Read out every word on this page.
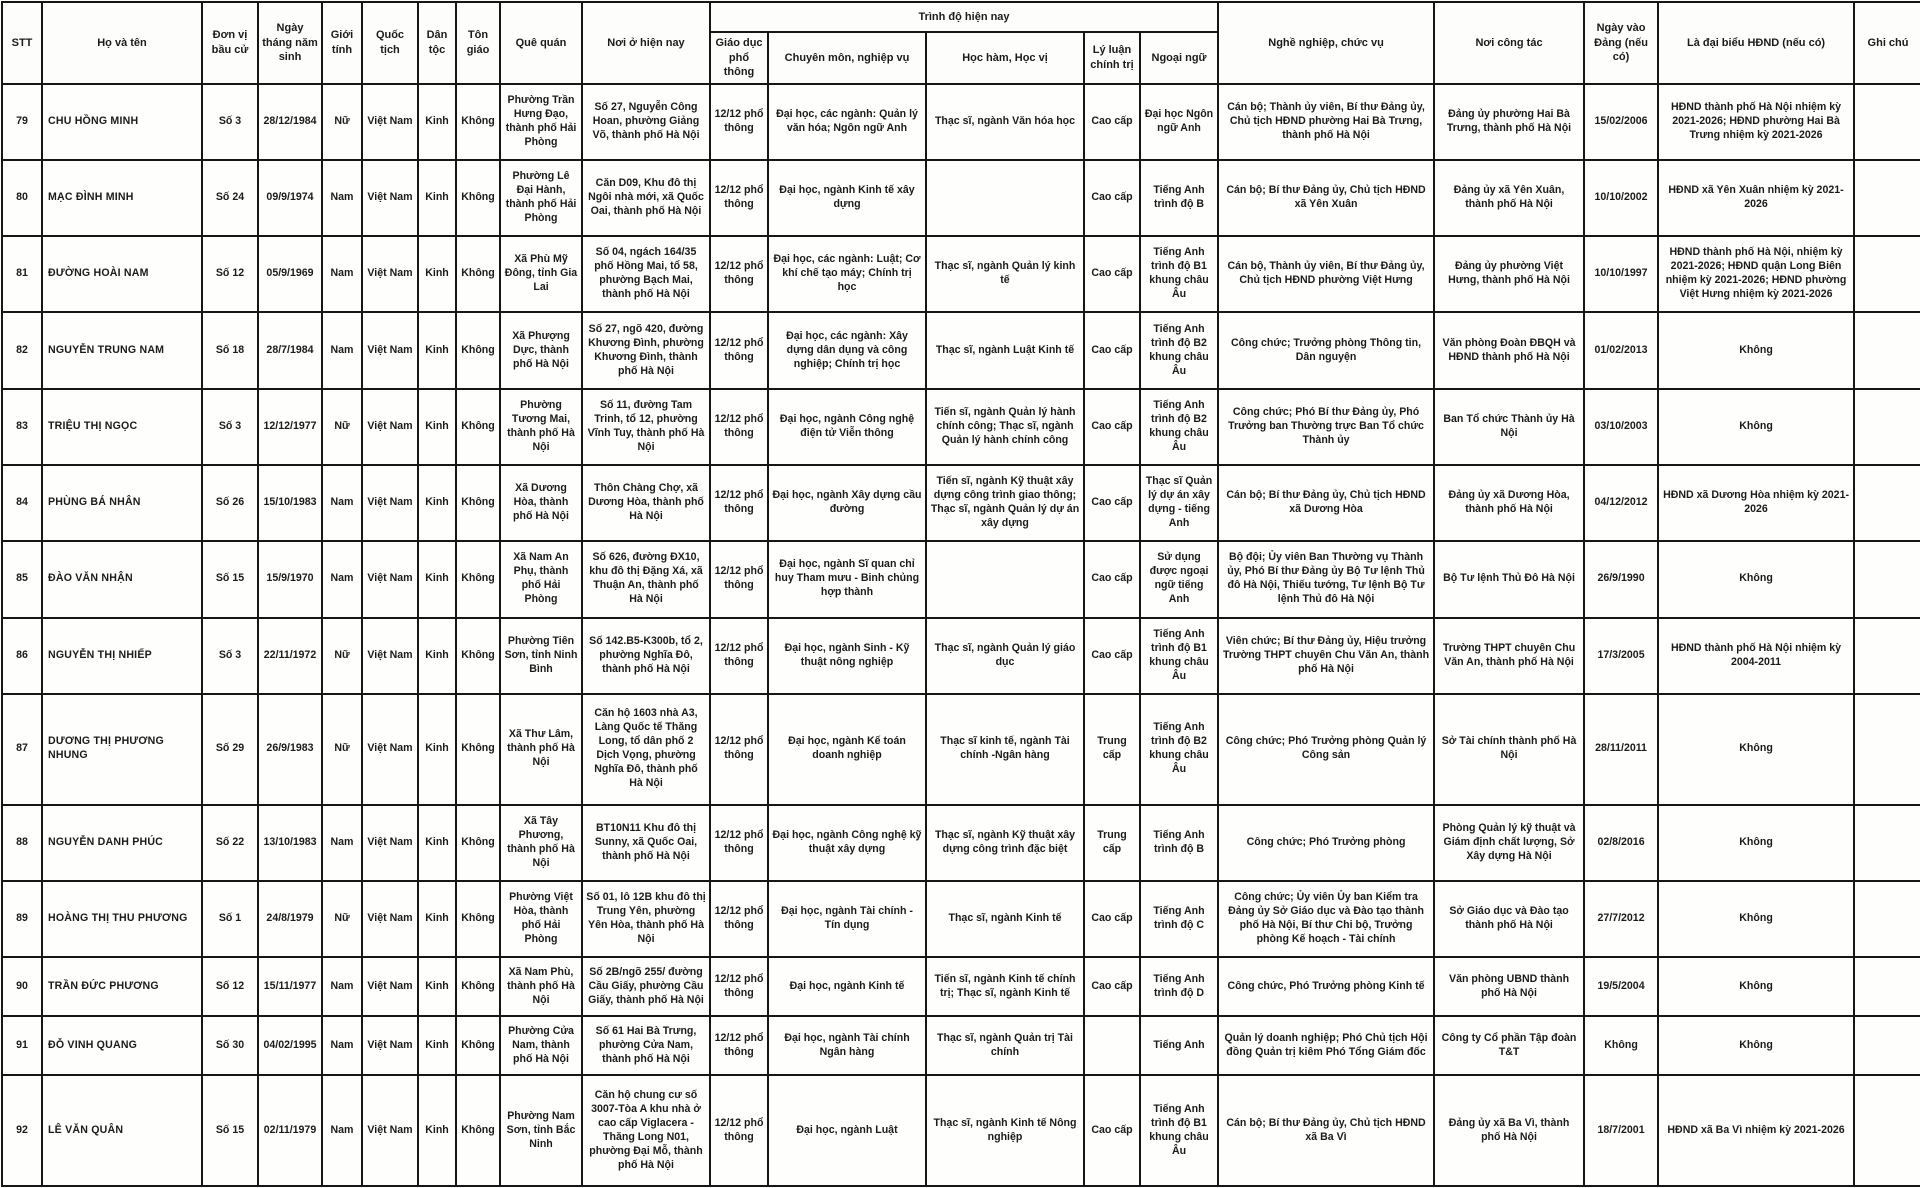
STT	Họ và tên	Đơn vị bầu cử	Ngày tháng năm sinh	Giới tính	Quốc tịch	Dân tộc	Tôn giáo	Quê quán	Nơi ở hiện nay	Trình độ hiện nay					Nghề nghiệp, chức vụ	Nơi công tác	Ngày vào Đảng (nếu có)	Là đại biểu HĐND (nếu có)	Ghi chú
										Giáo dục phổ thông	Chuyên môn, nghiệp vụ	Học hàm, Học vị	Lý luận chính trị	Ngoại ngữ					
79	CHU HỒNG MINH	Số 3	28/12/1984	Nữ	Việt Nam	Kinh	Không	Phường Trần Hưng Đạo, thành phố Hải Phòng	Số 27, Nguyễn Công Hoan, phường Giảng Võ, thành phố Hà Nội	12/12 phổ thông	Đại học, các ngành: Quản lý văn hóa; Ngôn ngữ Anh	Thạc sĩ, ngành Văn hóa học	Cao cấp	Đại học Ngôn ngữ Anh	Cán bộ; Thành ủy viên, Bí thư Đảng ủy, Chủ tịch HĐND phường Hai Bà Trưng, thành phố Hà Nội	Đảng ủy phường Hai Bà Trưng, thành phố Hà Nội	15/02/2006	HĐND thành phố Hà Nội nhiệm kỳ 2021-2026; HĐND phường Hai Bà Trưng nhiệm kỳ 2021-2026	
80	MẠC ĐÌNH MINH	Số 24	09/9/1974	Nam	Việt Nam	Kinh	Không	Phường Lê Đại Hành, thành phố Hải Phòng	Căn D09, Khu đô thị Ngôi nhà mới, xã Quốc Oai, thành phố Hà Nội	12/12 phổ thông	Đại học, ngành Kinh tế xây dựng		Cao cấp	Tiếng Anh trình độ B	Cán bộ; Bí thư Đảng ủy, Chủ tịch HĐND xã Yên Xuân	Đảng ủy xã Yên Xuân, thành phố Hà Nội	10/10/2002	HĐND xã Yên Xuân nhiệm kỳ 2021-2026	
81	ĐƯỜNG HOÀI NAM	Số 12	05/9/1969	Nam	Việt Nam	Kinh	Không	Xã Phù Mỹ Đông, tỉnh Gia Lai	Số 04, ngách 164/35 phố Hồng Mai, tổ 58, phường Bạch Mai, thành phố Hà Nội	12/12 phổ thông	Đại học, các ngành: Luật; Cơ khí chế tạo máy; Chính trị học	Thạc sĩ, ngành Quản lý kinh tế	Cao cấp	Tiếng Anh trình độ B1 khung châu Âu	Cán bộ, Thành ủy viên, Bí thư Đảng ủy, Chủ tịch HĐND phường Việt Hưng	Đảng ủy phường Việt Hưng, thành phố Hà Nội	10/10/1997	HĐND thành phố Hà Nội, nhiệm kỳ 2021-2026; HĐND quận Long Biên nhiệm kỳ 2021-2026; HĐND phường Việt Hưng nhiệm kỳ 2021-2026	
82	NGUYỄN TRUNG NAM	Số 18	28/7/1984	Nam	Việt Nam	Kinh	Không	Xã Phượng Dực, thành phố Hà Nội	Số 27, ngõ 420, đường Khương Đình, phường Khương Đình, thành phố Hà Nội	12/12 phổ thông	Đại học, các ngành: Xây dựng dân dụng và công nghiệp; Chính trị học	Thạc sĩ, ngành Luật Kinh tế	Cao cấp	Tiếng Anh trình độ B2 khung châu Âu	Công chức; Trưởng phòng Thông tin, Dân nguyện	Văn phòng Đoàn ĐBQH và HĐND thành phố Hà Nội	01/02/2013	Không	
83	TRIỆU THỊ NGỌC	Số 3	12/12/1977	Nữ	Việt Nam	Kinh	Không	Phường Tương Mai, thành phố Hà Nội	Số 11, đường Tam Trinh, tổ 12, phường Vĩnh Tuy, thành phố Hà Nội	12/12 phổ thông	Đại học, ngành Công nghệ điện tử Viễn thông	Tiến sĩ, ngành Quản lý hành chính công; Thạc sĩ, ngành Quản lý hành chính công	Cao cấp	Tiếng Anh trình độ B2 khung châu Âu	Công chức; Phó Bí thư Đảng ủy, Phó Trưởng ban Thường trực Ban Tổ chức Thành ủy	Ban Tổ chức Thành ủy Hà Nội	03/10/2003	Không	
84	PHÙNG BÁ NHÂN	Số 26	15/10/1983	Nam	Việt Nam	Kinh	Không	Xã Dương Hòa, thành phố Hà Nội	Thôn Chàng Chợ, xã Dương Hòa, thành phố Hà Nội	12/12 phổ thông	Đại học, ngành Xây dựng cầu đường	Tiến sĩ, ngành Kỹ thuật xây dựng công trình giao thông; Thạc sĩ, ngành Quản lý dự án xây dựng	Cao cấp	Thạc sĩ Quản lý dự án xây dựng - tiếng Anh	Cán bộ; Bí thư Đảng ủy, Chủ tịch HĐND xã Dương Hòa	Đảng ủy xã Dương Hòa, thành phố Hà Nội	04/12/2012	HĐND xã Dương Hòa nhiệm kỳ 2021-2026	
85	ĐÀO VĂN NHẬN	Số 15	15/9/1970	Nam	Việt Nam	Kinh	Không	Xã Nam An Phụ, thành phố Hải Phòng	Số 626, đường ĐX10, khu đô thị Đặng Xá, xã Thuận An, thành phố Hà Nội	12/12 phổ thông	Đại học, ngành Sĩ quan chỉ huy Tham mưu - Binh chủng hợp thành		Cao cấp	Sử dụng được ngoại ngữ tiếng Anh	Bộ đội; Ủy viên Ban Thường vụ Thành ủy, Phó Bí thư Đảng ủy Bộ Tư lệnh Thủ đô Hà Nội, Thiếu tướng, Tư lệnh Bộ Tư lệnh Thủ đô Hà Nội	Bộ Tư lệnh Thủ Đô Hà Nội	26/9/1990	Không	
86	NGUYỄN THỊ NHIẾP	Số 3	22/11/1972	Nữ	Việt Nam	Kinh	Không	Phường Tiên Sơn, tỉnh Ninh Bình	Số 142.B5-K300b, tổ 2, phường Nghĩa Đô, thành phố Hà Nội	12/12 phổ thông	Đại học, ngành Sinh - Kỹ thuật nông nghiệp	Thạc sĩ, ngành Quản lý giáo dục	Cao cấp	Tiếng Anh trình độ B1 khung châu Âu	Viên chức; Bí thư Đảng ủy, Hiệu trưởng Trường THPT chuyên Chu Văn An, thành phố Hà Nội	Trường THPT chuyên Chu Văn An, thành phố Hà Nội	17/3/2005	HĐND thành phố Hà Nội nhiệm kỳ 2004-2011	
87	DƯƠNG THỊ PHƯƠNG NHUNG	Số 29	26/9/1983	Nữ	Việt Nam	Kinh	Không	Xã Thư Lâm, thành phố Hà Nội	Căn hộ 1603 nhà A3, Làng Quốc tế Thăng Long, tổ dân phố 2 Dịch Vọng, phường Nghĩa Đô, thành phố Hà Nội	12/12 phổ thông	Đại học, ngành Kế toán doanh nghiệp	Thạc sĩ kinh tế, ngành Tài chính -Ngân hàng	Trung cấp	Tiếng Anh trình độ B2 khung châu Âu	Công chức; Phó Trưởng phòng Quản lý Công sản	Sở Tài chính thành phố Hà Nội	28/11/2011	Không	
88	NGUYỄN DANH PHÚC	Số 22	13/10/1983	Nam	Việt Nam	Kinh	Không	Xã Tây Phương, thành phố Hà Nội	BT10N11 Khu đô thị Sunny, xã Quốc Oai, thành phố Hà Nội	12/12 phổ thông	Đại học, ngành Công nghệ kỹ thuật xây dựng	Thạc sĩ, ngành Kỹ thuật xây dựng công trình đặc biệt	Trung cấp	Tiếng Anh trình độ B	Công chức; Phó Trưởng phòng	Phòng Quản lý kỹ thuật và Giám định chất lượng, Sở Xây dựng Hà Nội	02/8/2016	Không	
89	HOÀNG THỊ THU PHƯƠNG	Số 1	24/8/1979	Nữ	Việt Nam	Kinh	Không	Phường Việt Hòa, thành phố Hải Phòng	Số 01, lô 12B khu đô thị Trung Yên, phường Yên Hòa, thành phố Hà Nội	12/12 phổ thông	Đại học, ngành Tài chính - Tín dụng	Thạc sĩ, ngành Kinh tế	Cao cấp	Tiếng Anh trình độ C	Công chức; Ủy viên Ủy ban Kiểm tra Đảng ủy Sở Giáo dục và Đào tạo thành phố Hà Nội, Bí thư Chi bộ, Trưởng phòng Kế hoạch - Tài chính	Sở Giáo dục và Đào tạo thành phố Hà Nội	27/7/2012	Không	
90	TRẦN ĐỨC PHƯƠNG	Số 12	15/11/1977	Nam	Việt Nam	Kinh	Không	Xã Nam Phù, thành phố Hà Nội	Số 2B/ngõ 255/ đường Cầu Giấy, phường Cầu Giấy, thành phố Hà Nội	12/12 phổ thông	Đại học, ngành Kinh tế	Tiến sĩ, ngành Kinh tế chính trị; Thạc sĩ, ngành Kinh tế	Cao cấp	Tiếng Anh trình độ D	Công chức, Phó Trưởng phòng Kinh tế	Văn phòng UBND thành phố Hà Nội	19/5/2004	Không	
91	ĐỖ VINH QUANG	Số 30	04/02/1995	Nam	Việt Nam	Kinh	Không	Phường Cửa Nam, thành phố Hà Nội	Số 61 Hai Bà Trưng, phường Cửa Nam, thành phố Hà Nội	12/12 phổ thông	Đại học, ngành Tài chính Ngân hàng	Thạc sĩ, ngành Quản trị Tài chính		Tiếng Anh	Quản lý doanh nghiệp; Phó Chủ tịch Hội đồng Quản trị kiêm Phó Tổng Giám đốc	Công ty Cổ phần Tập đoàn T&T	Không	Không	
92	LÊ VĂN QUÂN	Số 15	02/11/1979	Nam	Việt Nam	Kinh	Không	Phường Nam Sơn, tỉnh Bắc Ninh	Căn hộ chung cư số 3007-Tòa A khu nhà ở cao cấp Viglacera - Thăng Long N01, phường Đại Mỗ, thành phố Hà Nội	12/12 phổ thông	Đại học, ngành Luật	Thạc sĩ, ngành Kinh tế Nông nghiệp	Cao cấp	Tiếng Anh trình độ B1 khung châu Âu	Cán bộ; Bí thư Đảng ủy, Chủ tịch HĐND xã Ba Vì	Đảng ủy xã Ba Vì, thành phố Hà Nội	18/7/2001	HĐND xã Ba Vì nhiệm kỳ 2021-2026	
